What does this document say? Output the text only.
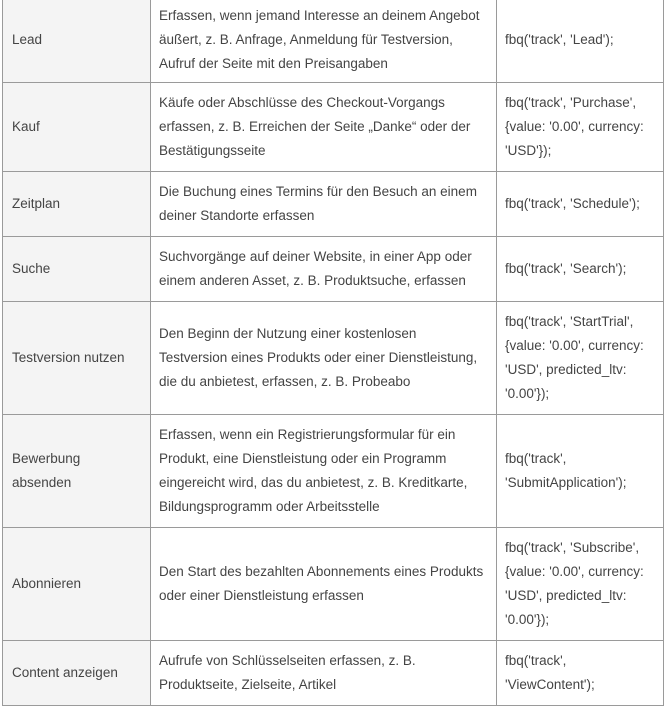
Lead	Erfassen, wenn jemand Interesse an deinem Angebot äußert, z. B. Anfrage, Anmeldung für Testversion, Aufruf der Seite mit den Preisangaben	fbq('track', 'Lead');
Kauf	Käufe oder Abschlüsse des Checkout-Vorgangs erfassen, z. B. Erreichen der Seite „Danke“ oder der Bestätigungsseite	fbq('track', 'Purchase', {value: '0.00', currency: 'USD'});
Zeitplan	Die Buchung eines Termins für den Besuch an einem deiner Standorte erfassen	fbq('track', 'Schedule');
Suche	Suchvorgänge auf deiner Website, in einer App oder einem anderen Asset, z. B. Produktsuche, erfassen	fbq('track', 'Search');
Testversion nutzen	Den Beginn der Nutzung einer kostenlosen Testversion eines Produkts oder einer Dienstleistung, die du anbietest, erfassen, z. B. Probeabo	fbq('track', 'StartTrial', {value: '0.00', currency: 'USD', predicted_ltv: '0.00'});
Bewerbung absenden	Erfassen, wenn ein Registrierungsformular für ein Produkt, eine Dienstleistung oder ein Programm eingereicht wird, das du anbietest, z. B. Kreditkarte, Bildungsprogramm oder Arbeitsstelle	fbq('track', 'SubmitApplication');
Abonnieren	Den Start des bezahlten Abonnements eines Produkts oder einer Dienstleistung erfassen	fbq('track', 'Subscribe', {value: '0.00', currency: 'USD', predicted_ltv: '0.00'});
Content anzeigen	Aufrufe von Schlüsselseiten erfassen, z. B. Produktseite, Zielseite, Artikel	fbq('track', 'ViewContent');
